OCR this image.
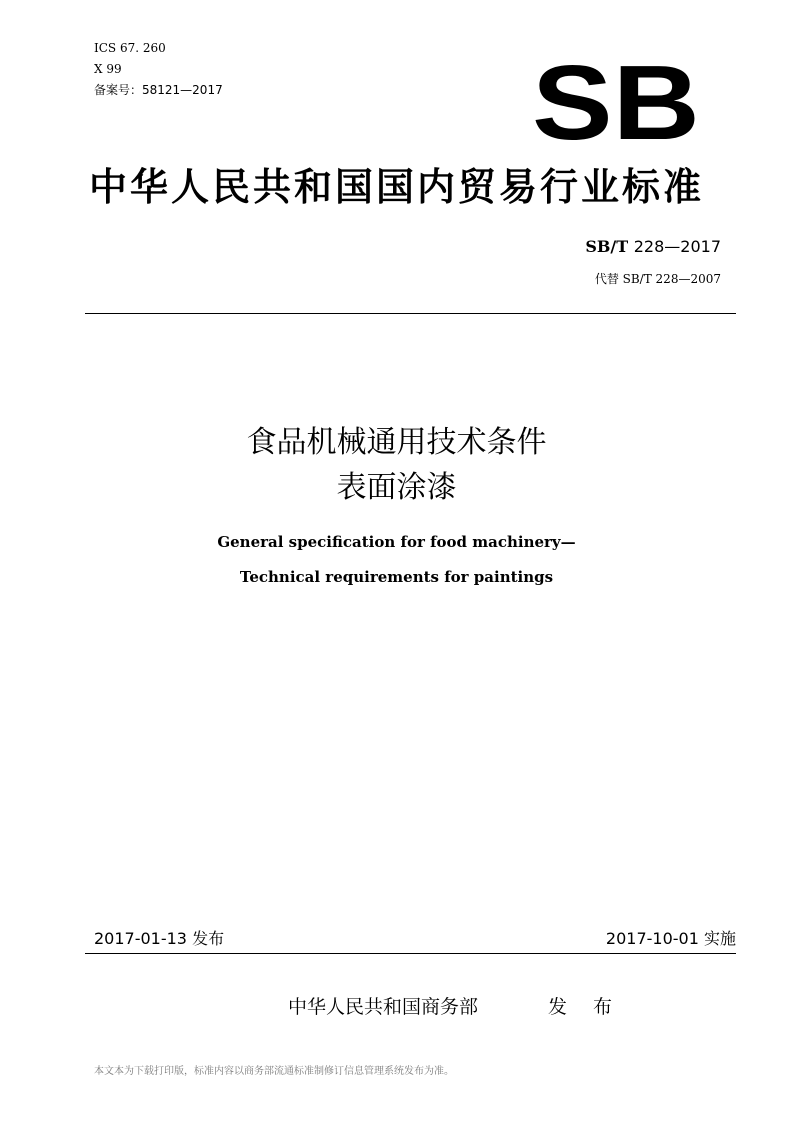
ICS 67. 260
X 99
备案号：58121—2017	SB
中华人民共和国国内贸易行业标准
SB/T 228—2017
代替 SB/T 228—2007
食品机械通用技术条件
表面涂漆
General specification for food machinery—
Technical requirements for paintings
2017-01-13 发布	2017-10-01 实施
中华人民共和国商务部	发 布
本文本为下载打印版，标准内容以商务部流通标准制修订信息管理系统发布为准。
